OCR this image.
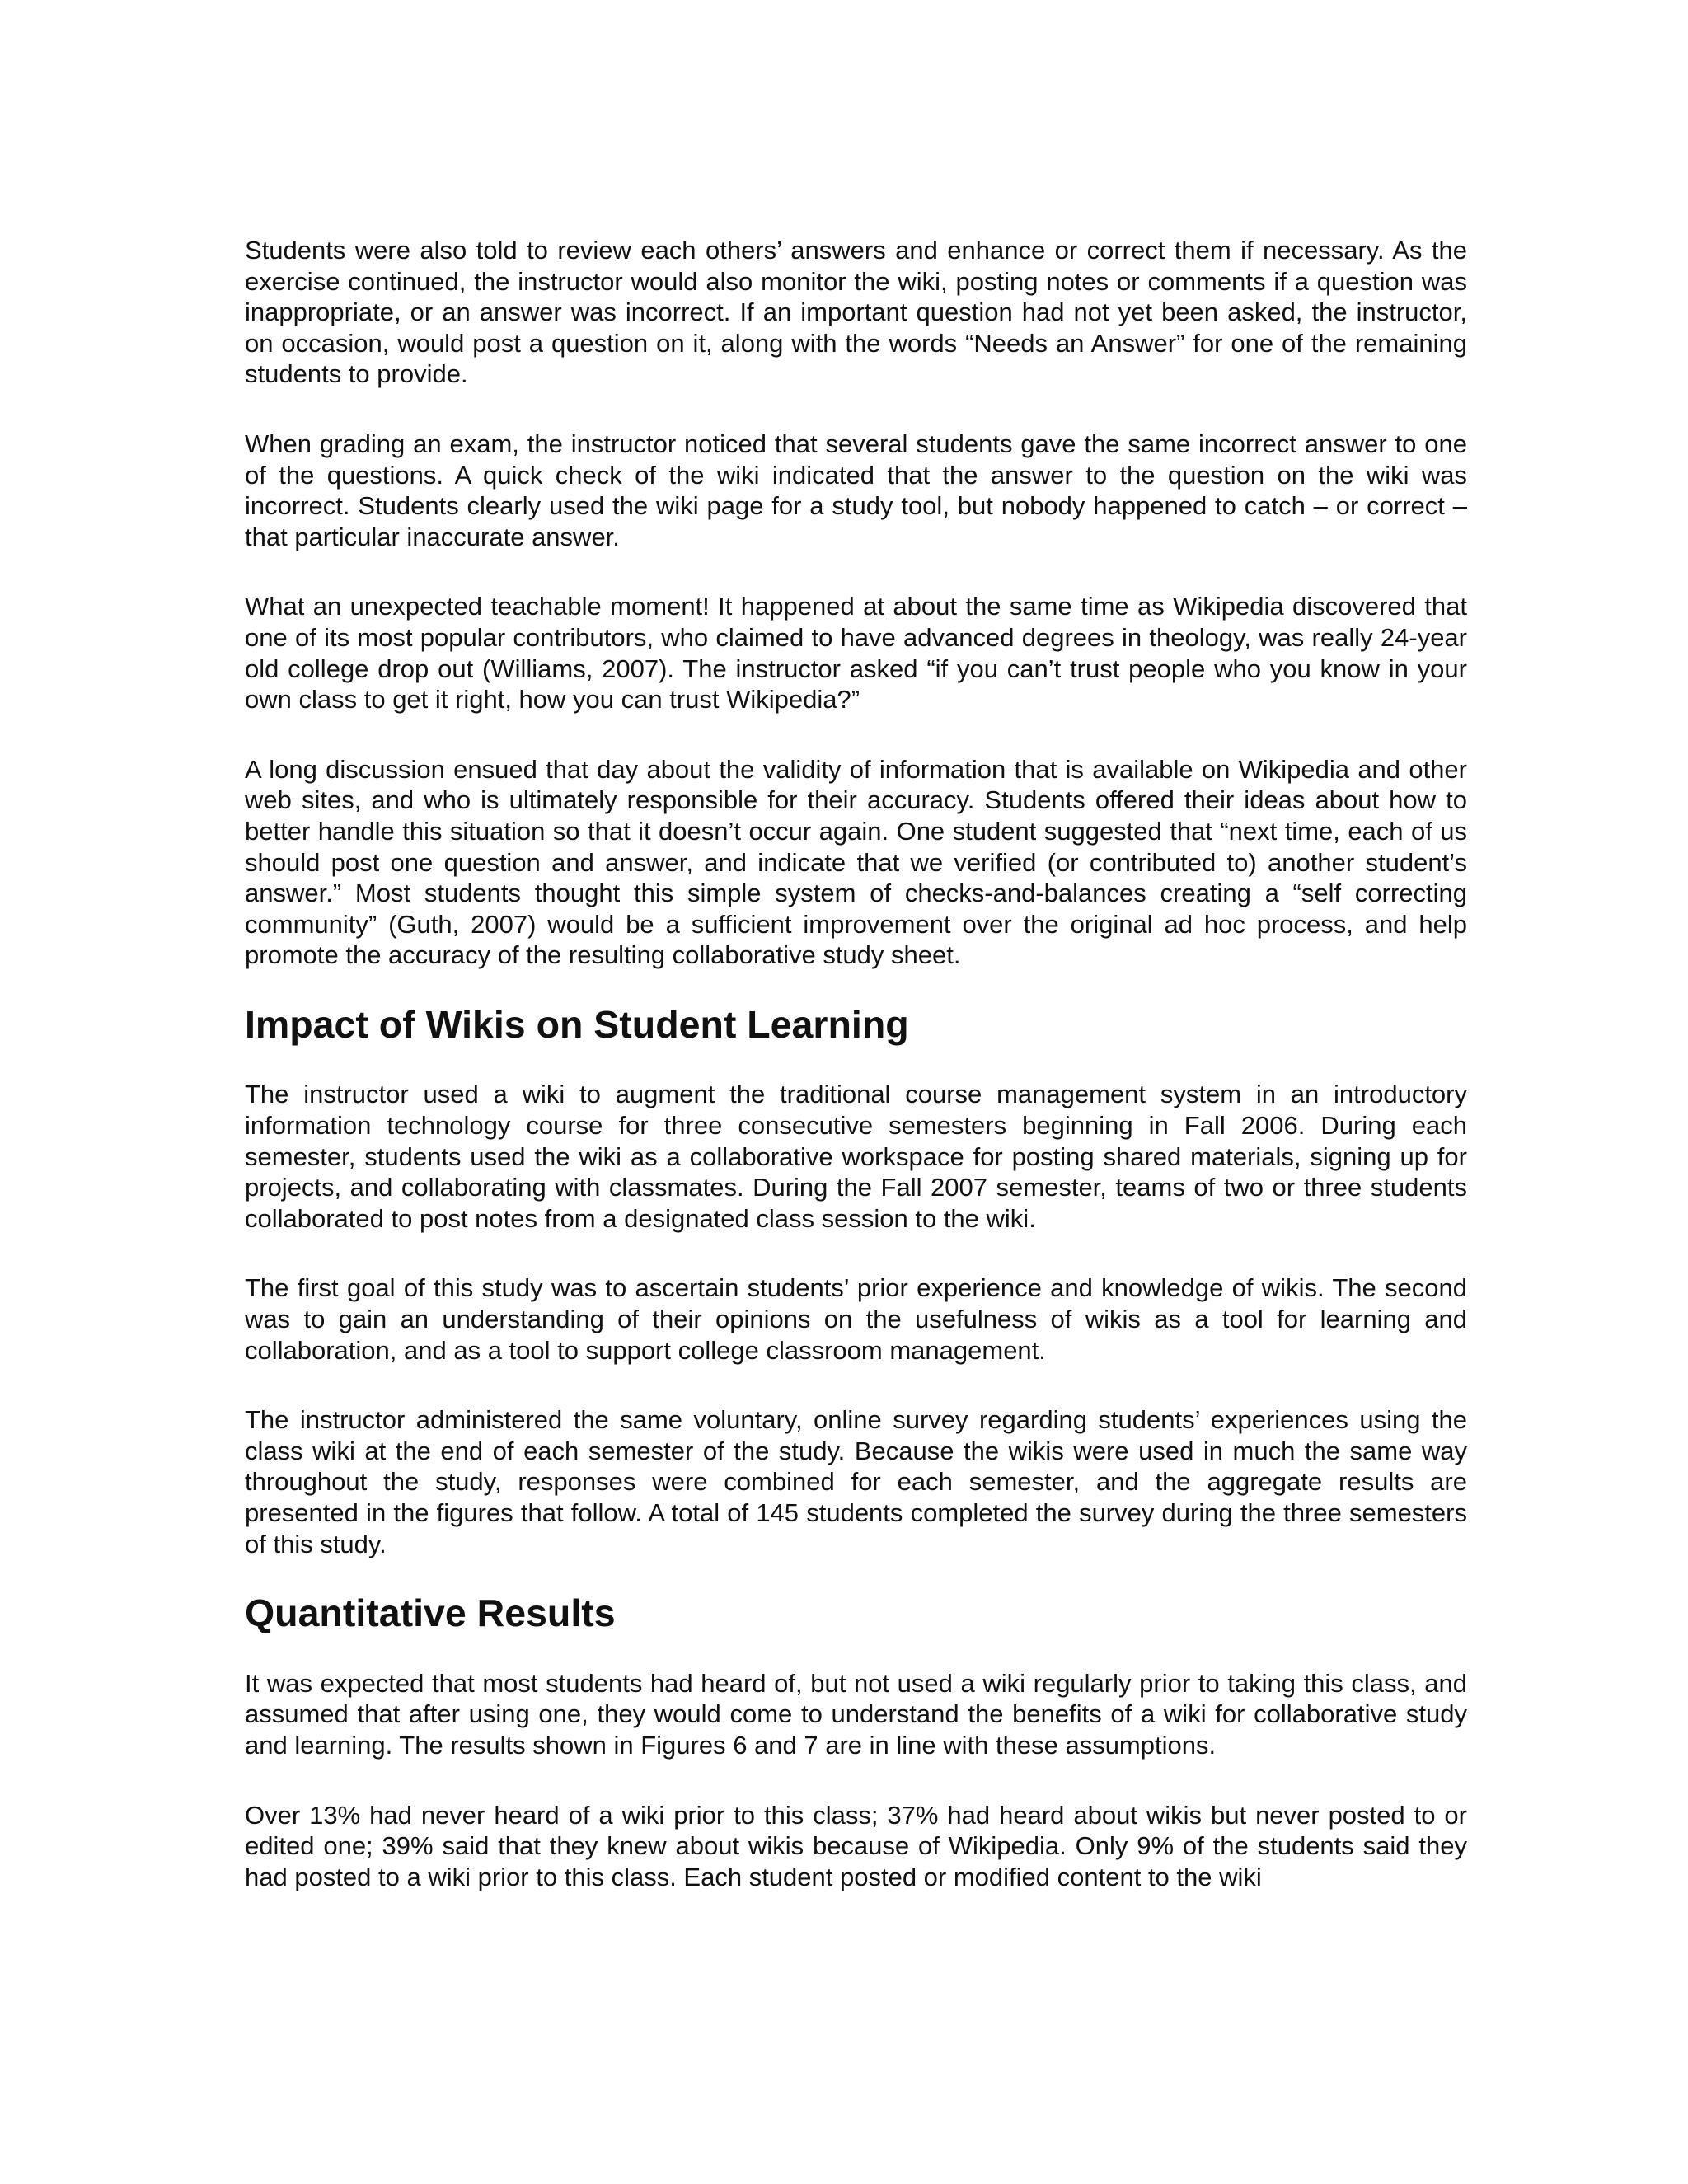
Students were also told to review each others’ answers and enhance or correct them if necessary. As the exercise continued, the instructor would also monitor the wiki, posting notes or comments if a question was inappropriate, or an answer was incorrect. If an important question had not yet been asked, the instructor, on occasion, would post a question on it, along with the words “Needs an Answer” for one of the remaining students to provide.

When grading an exam, the instructor noticed that several students gave the same incorrect answer to one of the questions. A quick check of the wiki indicated that the answer to the question on the wiki was incorrect. Students clearly used the wiki page for a study tool, but nobody happened to catch – or correct – that particular inaccurate answer.

What an unexpected teachable moment! It happened at about the same time as Wikipedia discovered that one of its most popular contributors, who claimed to have advanced degrees in theology, was really 24-year old college drop out (Williams, 2007). The instructor asked “if you can’t trust people who you know in your own class to get it right, how you can trust Wikipedia?”

A long discussion ensued that day about the validity of information that is available on Wikipedia and other web sites, and who is ultimately responsible for their accuracy. Students offered their ideas about how to better handle this situation so that it doesn’t occur again. One student suggested that “next time, each of us should post one question and answer, and indicate that we verified (or contributed to) another student’s answer.” Most students thought this simple system of checks-and-balances creating a “self correcting community” (Guth, 2007) would be a sufficient improvement over the original ad hoc process, and help promote the accuracy of the resulting collaborative study sheet.

Impact of Wikis on Student Learning

The instructor used a wiki to augment the traditional course management system in an introductory information technology course for three consecutive semesters beginning in Fall 2006. During each semester, students used the wiki as a collaborative workspace for posting shared materials, signing up for projects, and collaborating with classmates. During the Fall 2007 semester, teams of two or three students collaborated to post notes from a designated class session to the wiki.

The first goal of this study was to ascertain students’ prior experience and knowledge of wikis. The second was to gain an understanding of their opinions on the usefulness of wikis as a tool for learning and collaboration, and as a tool to support college classroom management.

The instructor administered the same voluntary, online survey regarding students’ experiences using the class wiki at the end of each semester of the study. Because the wikis were used in much the same way throughout the study, responses were combined for each semester, and the aggregate results are presented in the figures that follow. A total of 145 students completed the survey during the three semesters of this study.

Quantitative Results

It was expected that most students had heard of, but not used a wiki regularly prior to taking this class, and assumed that after using one, they would come to understand the benefits of a wiki for collaborative study and learning. The results shown in Figures 6 and 7 are in line with these assumptions.

Over 13% had never heard of a wiki prior to this class; 37% had heard about wikis but never posted to or edited one; 39% said that they knew about wikis because of Wikipedia. Only 9% of the students said they had posted to a wiki prior to this class. Each student posted or modified content to the wiki
